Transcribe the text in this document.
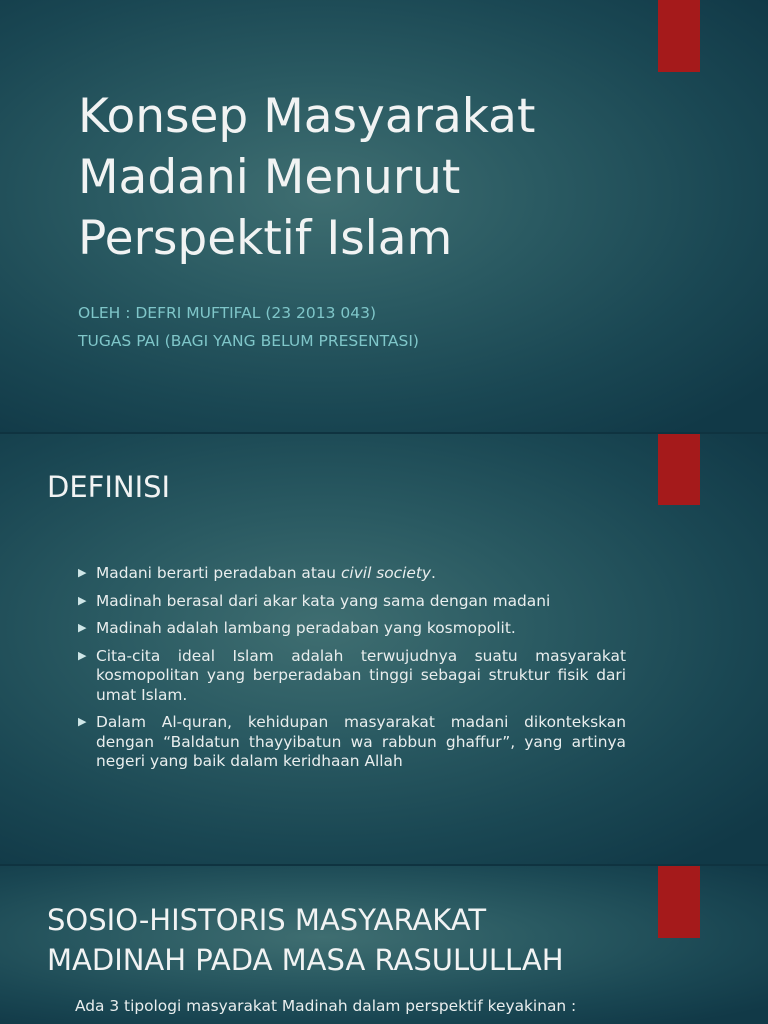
Konsep Masyarakat Madani Menurut Perspektif Islam
OLEH : DEFRI MUFTIFAL (23 2013 043)
TUGAS PAI (BAGI YANG BELUM PRESENTASI)
DEFINISI
▶ Madani berarti peradaban atau civil society.
▶ Madinah berasal dari akar kata yang sama dengan madani
▶ Madinah adalah lambang peradaban yang kosmopolit.
▶ Cita-cita ideal Islam adalah terwujudnya suatu masyarakat kosmopolitan yang berperadaban tinggi sebagai struktur fisik dari umat Islam.
▶ Dalam Al-quran, kehidupan masyarakat madani dikontekskan dengan “Baldatun thayyibatun wa rabbun ghaffur”, yang artinya negeri yang baik dalam keridhaan Allah
SOSIO-HISTORIS MASYARAKAT
MADINAH PADA MASA RASULULLAH
Ada 3 tipologi masyarakat Madinah dalam perspektif keyakinan :
